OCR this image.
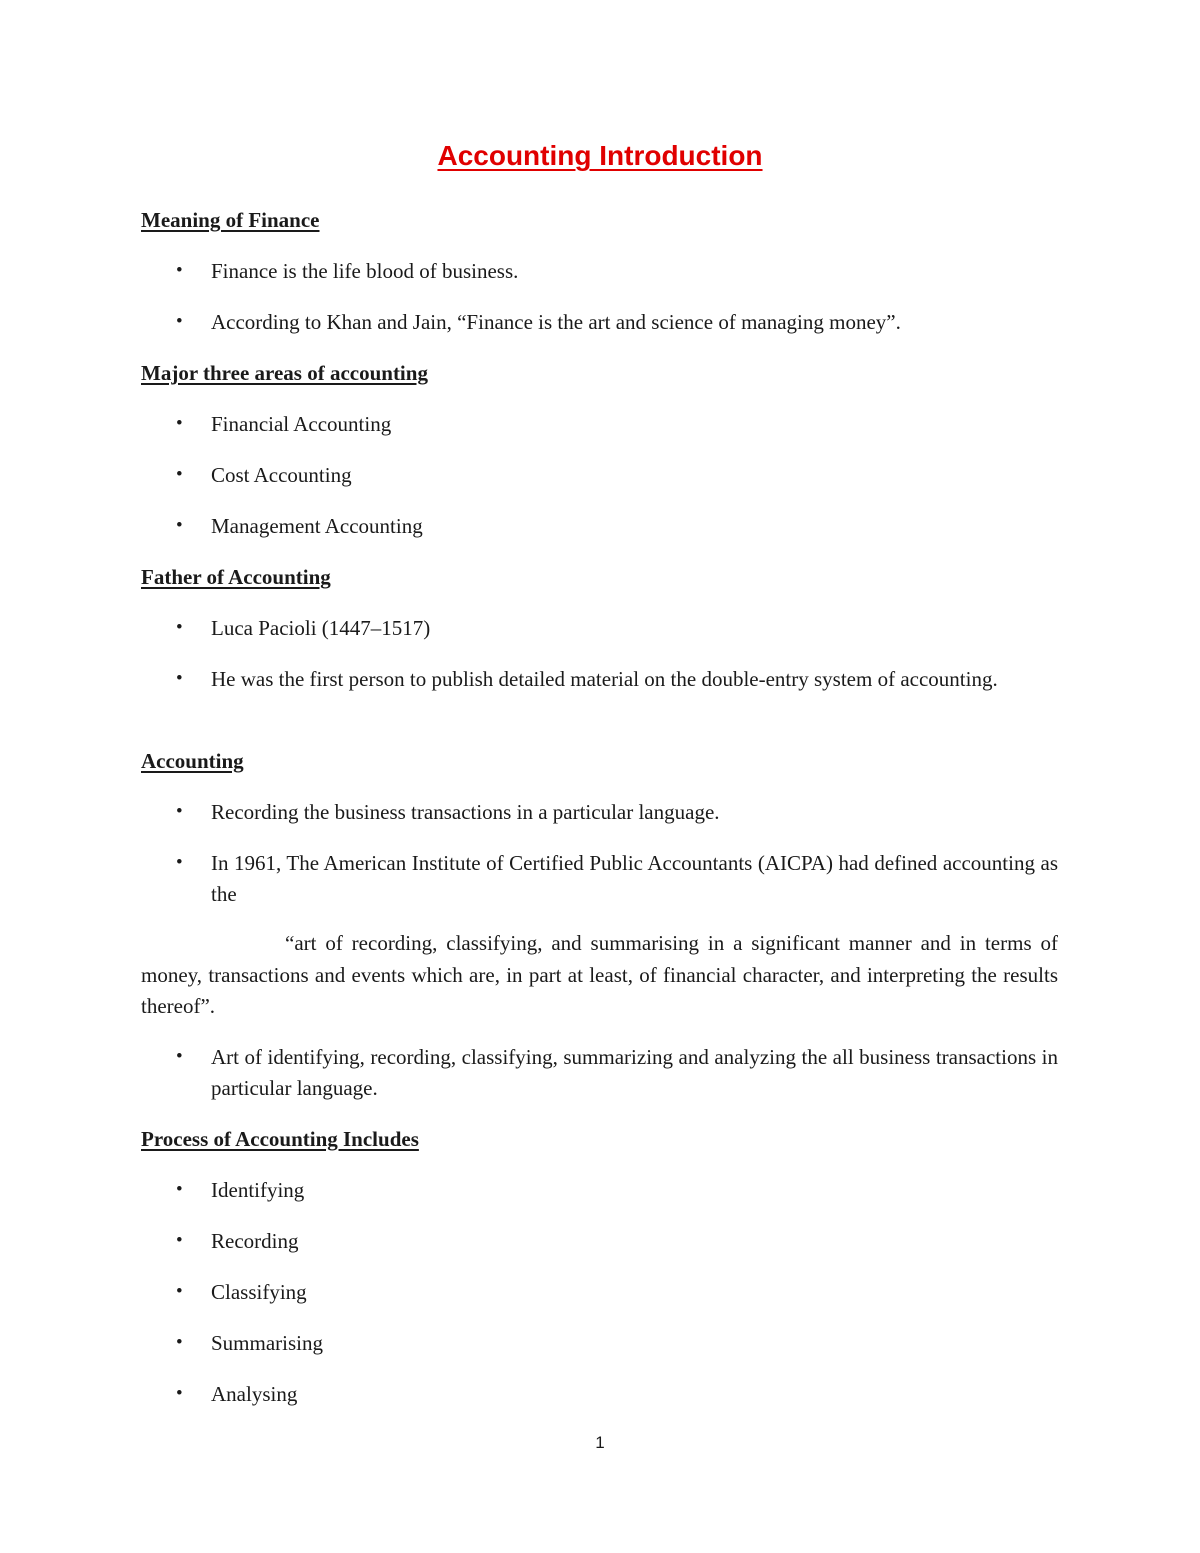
Accounting Introduction
Meaning of Finance
•	Finance is the life blood of business.
•	According to Khan and Jain, “Finance is the art and science of managing money”.
Major three areas of accounting
•	Financial Accounting
•	Cost Accounting
•	Management Accounting
Father of Accounting
•	Luca Pacioli (1447–1517)
•	He was the first person to publish detailed material on the double-entry system of accounting.
Accounting
•	Recording the business transactions in a particular language.
•	In 1961, The American Institute of Certified Public Accountants (AICPA) had defined accounting as the
“art of recording, classifying, and summarising in a significant manner and in terms of money, transactions and events which are, in part at least, of financial character, and interpreting the results thereof”.
•	Art of identifying, recording, classifying, summarizing and analyzing the all business transactions in particular language.
Process of Accounting Includes
•	Identifying
•	Recording
•	Classifying
•	Summarising
•	Analysing
1
